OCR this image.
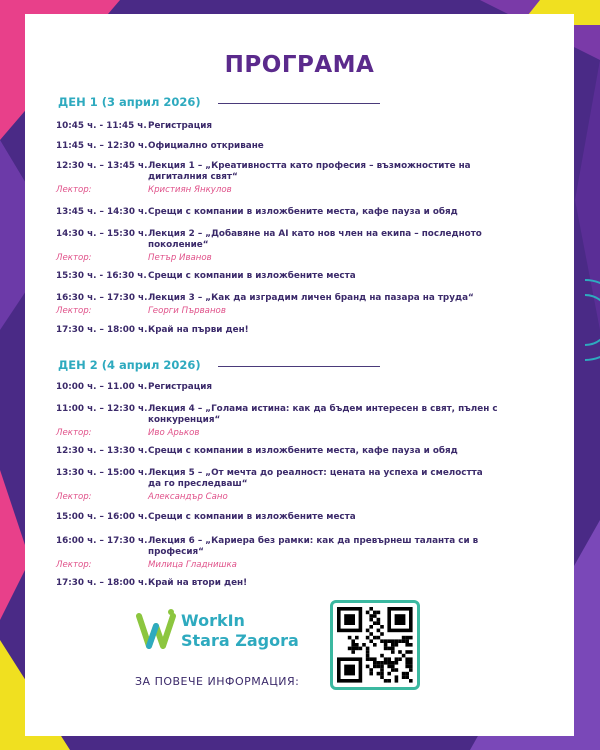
ПРОГРАМА
ДЕН 1 (3 април 2026)
10:45 ч. - 11:45 ч. Регистрация
11:45 ч. – 12:30 ч. Официално откриване
12:30 ч. – 13:45 ч. Лекция 1 – „Креативността като професия – възможностите на дигиталния свят“
Лектор:	Кристиян Янкулов
13:45 ч. – 14:30 ч. Срещи с компании в изложбените места, кафе пауза и обяд
14:30 ч. – 15:30 ч. Лекция 2 – „Добавяне на AI като нов член на екипа – последното поколение“
Лектор:	Петър Иванов
15:30 ч. - 16:30 ч. Срещи с компании в изложбените места
16:30 ч. – 17:30 ч. Лекция 3 – „Как да изградим личен бранд на пазара на труда“
Лектор:	Георги Първанов
17:30 ч. – 18:00 ч. Край на първи ден!
ДЕН 2 (4 април 2026)
10:00 ч. – 11.00 ч. Регистрация
11:00 ч. – 12:30 ч. Лекция 4 – „Голама истина: как да бъдем интересен в свят, пълен с конкуренция“
Лектор:	Иво Арьков
12:30 ч. – 13:30 ч. Срещи с компании в изложбените места, кафе пауза и обяд
13:30 ч. – 15:00 ч. Лекция 5 – „От мечта до реалност: цената на успеха и смелостта да го преследваш“
Лектор:	Александър Сано
15:00 ч. – 16:00 ч. Срещи с компании в изложбените места
16:00 ч. – 17:30 ч. Лекция 6 – „Кариера без рамки: как да превърнеш таланта си в професия“
Лектор:	Милица Гладнишка
17:30 ч. – 18:00 ч. Край на втори ден!
WorkIn
Stara Zagora
ЗА ПОВЕЧЕ ИНФОРМАЦИЯ:
